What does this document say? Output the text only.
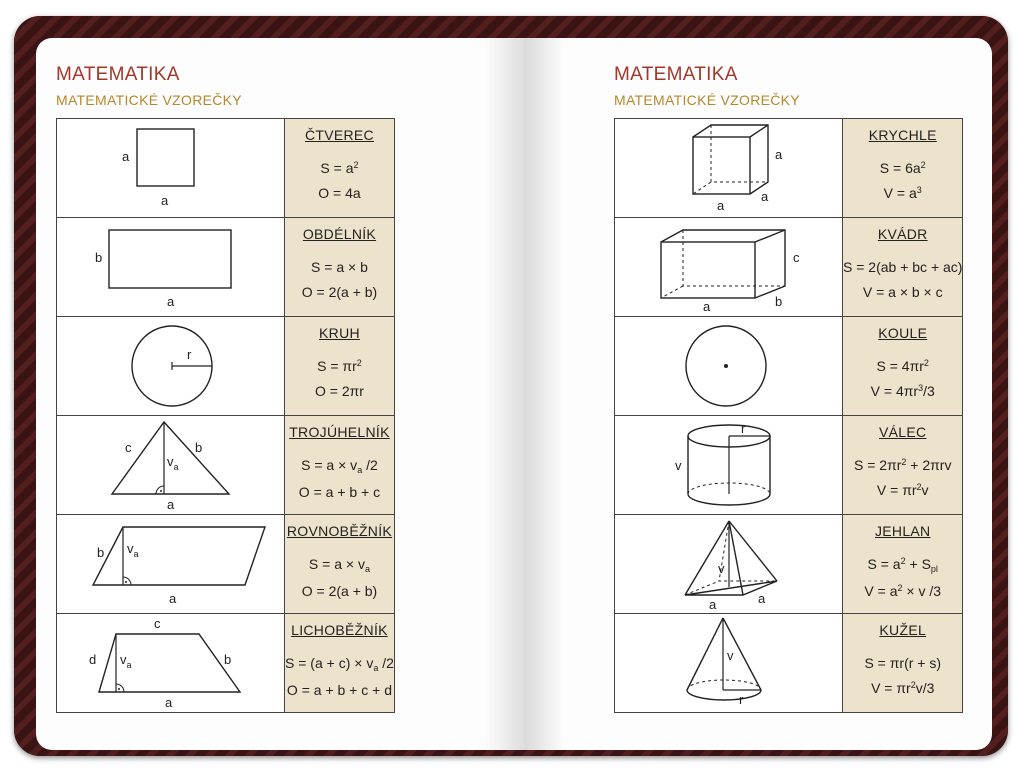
MATEMATIKA
MATEMATICKÉ VZOREČKY
a
a	ČTVEREC
$S = a^2$
O = 4a

b
a	OBDÉLNÍK
S = a × b
O = 2(a + b)

r	KRUH
$S = \pi r^2$
O = 2πr

c b
$v_a$
a	TROJÚHELNÍK
$S = a \times v_a$ /2
O = a + b + c

b $v_a$
a	ROVNOBĚŽNÍK
$S = a \times v_a$
O = 2(a + b)

c
d $v_a$ b
a	LICHOBĚŽNÍK
$S = (a + c) \times v_a$ /2
O = a + b + c + d
MATEMATIKA
MATEMATICKÉ VZOREČKY
a
a
a	KRYCHLE
$S = 6a^2$
$V = a^3$

c
b
a	KVÁDR
S = 2(ab + bc + ac)
V = a × b × c

KOULE
$S = 4\pi r^2$
$V = 4\pi r^3/3$

r
v	VÁLEC
$S = 2\pi r^2 + 2\pi rv$
$V = \pi r^2v$

v
a a	JEHLAN
$S = a^2 + S_{pl}$
$V = a^2 \times v$ /3

v
r	KUŽEL
S = πr(r + s)
$V = \pi r^2v/3$
